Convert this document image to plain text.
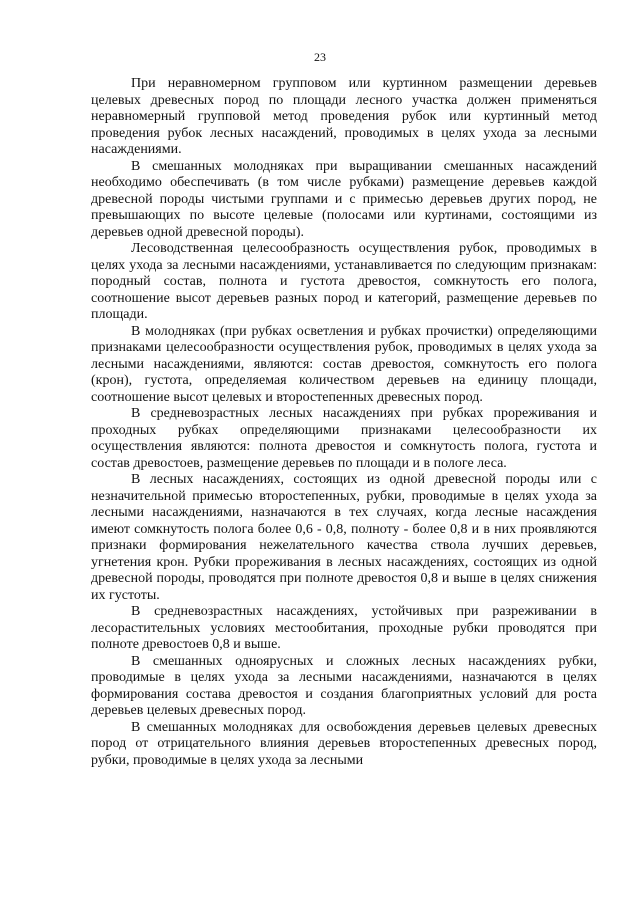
23

При неравномерном групповом или куртинном размещении деревьев целевых древесных пород по площади лесного участка должен применяться неравномерный групповой метод проведения рубок или куртинный метод проведения рубок лесных насаждений, проводимых в целях ухода за лесными насаждениями.

В смешанных молодняках при выращивании смешанных насаждений необходимо обеспечивать (в том числе рубками) размещение деревьев каждой древесной породы чистыми группами и с примесью деревьев других пород, не превышающих по высоте целевые (полосами или куртинами, состоящими из деревьев одной древесной породы).

Лесоводственная целесообразность осуществления рубок, проводимых в целях ухода за лесными насаждениями, устанавливается по следующим признакам: породный состав, полнота и густота древостоя, сомкнутость его полога, соотношение высот деревьев разных пород и категорий, размещение деревьев по площади.

В молодняках (при рубках осветления и рубках прочистки) определяющими признаками целесообразности осуществления рубок, проводимых в целях ухода за лесными насаждениями, являются: состав древостоя, сомкнутость его полога (крон), густота, определяемая количеством деревьев на единицу площади, соотношение высот целевых и второстепенных древесных пород.

В средневозрастных лесных насаждениях при рубках прореживания и проходных рубках определяющими признаками целесообразности их осуществления являются: полнота древостоя и сомкнутость полога, густота и состав древостоев, размещение деревьев по площади и в пологе леса.

В лесных насаждениях, состоящих из одной древесной породы или с незначительной примесью второстепенных, рубки, проводимые в целях ухода за лесными насаждениями, назначаются в тех случаях, когда лесные насаждения имеют сомкнутость полога более 0,6 - 0,8, полноту - более 0,8 и в них проявляются признаки формирования нежелательного качества ствола лучших деревьев, угнетения крон. Рубки прореживания в лесных насаждениях, состоящих из одной древесной породы, проводятся при полноте древостоя 0,8 и выше в целях снижения их густоты.

В средневозрастных насаждениях, устойчивых при разреживании в лесорастительных условиях местообитания, проходные рубки проводятся при полноте древостоев 0,8 и выше.

В смешанных одноярусных и сложных лесных насаждениях рубки, проводимые в целях ухода за лесными насаждениями, назначаются в целях формирования состава древостоя и создания благоприятных условий для роста деревьев целевых древесных пород.

В смешанных молодняках для освобождения деревьев целевых древесных пород от отрицательного влияния деревьев второстепенных древесных пород, рубки, проводимые в целях ухода за лесными
